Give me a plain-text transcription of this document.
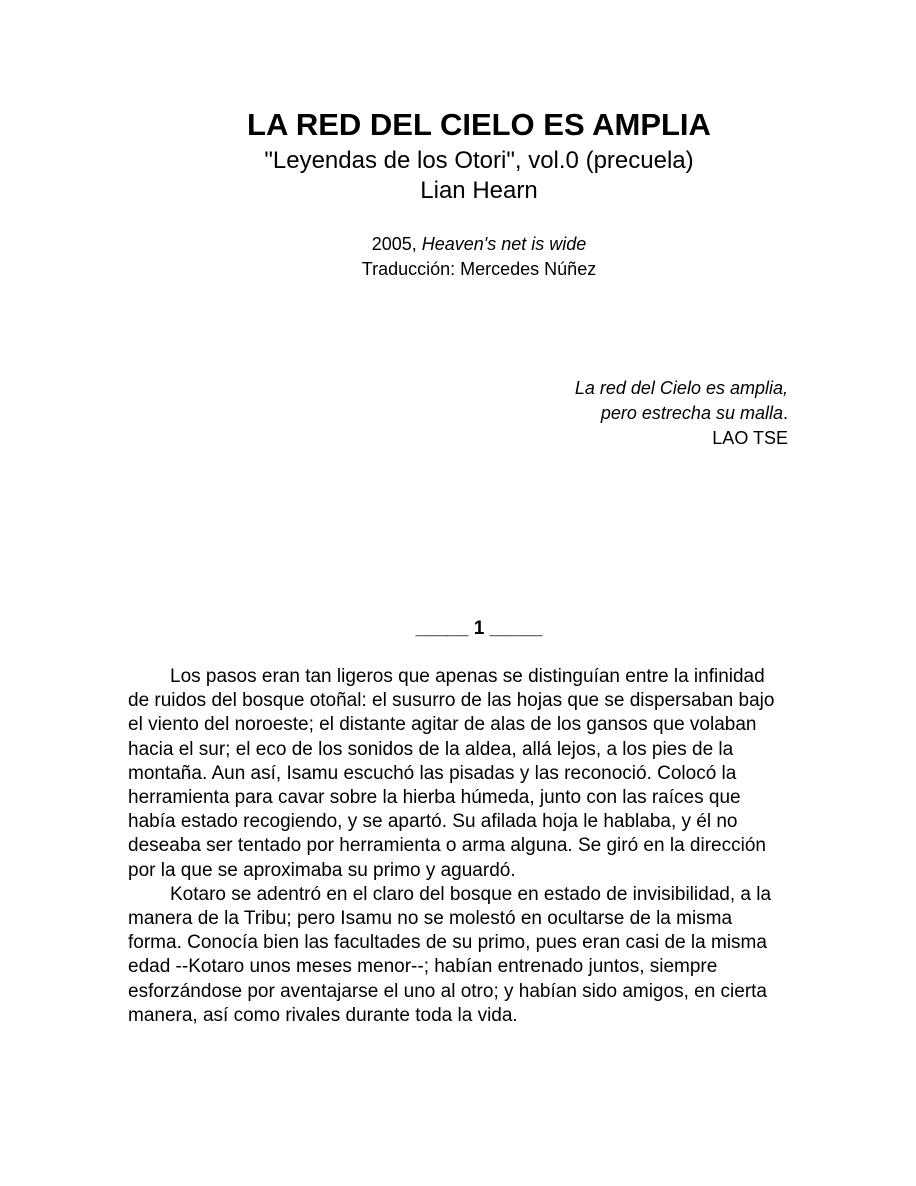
LA RED DEL CIELO ES AMPLIA
"Leyendas de los Otori", vol.0 (precuela)
Lian Hearn
2005, Heaven's net is wide
Traducción: Mercedes Núñez
La red del Cielo es amplia,
pero estrecha su malla.
LAO TSE
_____ 1 _____

Los pasos eran tan ligeros que apenas se distinguían entre la infinidad de ruidos del bosque otoñal: el susurro de las hojas que se dispersaban bajo el viento del noroeste; el distante agitar de alas de los gansos que volaban hacia el sur; el eco de los sonidos de la aldea, allá lejos, a los pies de la montaña. Aun así, Isamu escuchó las pisadas y las reconoció. Colocó la herramienta para cavar sobre la hierba húmeda, junto con las raíces que había estado recogiendo, y se apartó. Su afilada hoja le hablaba, y él no deseaba ser tentado por herramienta o arma alguna. Se giró en la dirección por la que se aproximaba su primo y aguardó.

Kotaro se adentró en el claro del bosque en estado de invisibilidad, a la manera de la Tribu; pero Isamu no se molestó en ocultarse de la misma forma. Conocía bien las facultades de su primo, pues eran casi de la misma edad --Kotaro unos meses menor--; habían entrenado juntos, siempre esforzándose por aventajarse el uno al otro; y habían sido amigos, en cierta manera, así como rivales durante toda la vida.
